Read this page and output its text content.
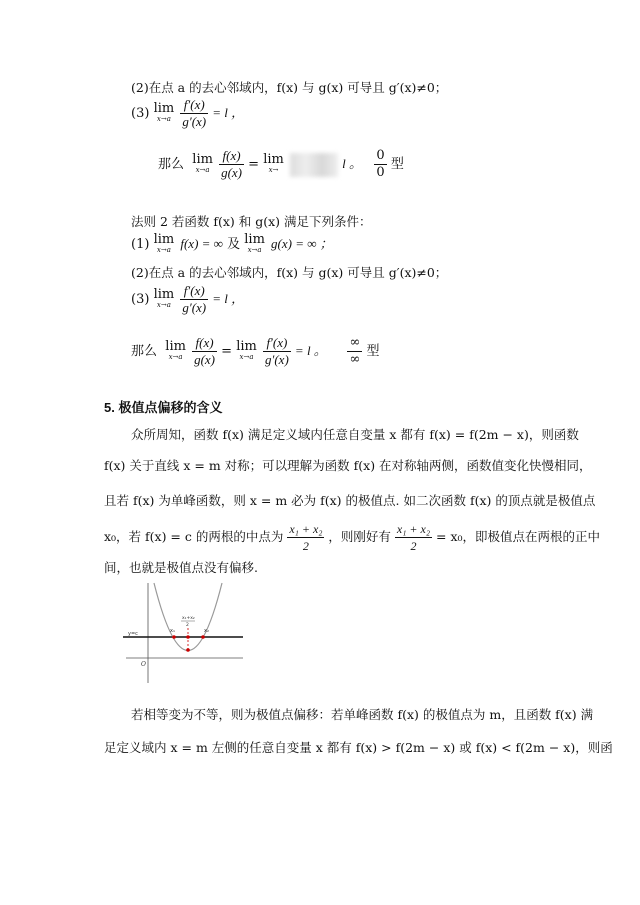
(2)在点 a 的去心邻域内，f(x) 与 g(x) 可导且 g′(x)≠0；
(3) lim
x→a
$\frac{f'(x)}{g'(x)} = l$ ，
那么 lim
x→a
$\frac{f(x)}{g(x)} = \lim$
x→	l 。 $\frac{0}{0}$ 型
法则 2 若函数 f(x) 和 g(x) 满足下列条件：
(1) lim
x→a f(x) = ∞ 及 lim
x→a g(x) = ∞ ；
(2)在点 a 的去心邻域内，f(x) 与 g(x) 可导且 g′(x)≠0；
(3) lim
x→a
$\frac{f'(x)}{g'(x)} = l$ ，
那么 lim
x→a
$\frac{f(x)}{g(x)} = \lim$
x→a
$\frac{f'(x)}{g'(x)} = l$ 。 $\frac{\infty}{\infty}$ 型
5. 极值点偏移的含义
众所周知，函数 f(x) 满足定义域内任意自变量 x 都有 f(x) = f(2m − x)，则函数
f(x) 关于直线 x = m 对称；可以理解为函数 f(x) 在对称轴两侧，函数值变化快慢相同，
且若 f(x) 为单峰函数，则 x = m 必为 f(x) 的极值点. 如二次函数 f(x) 的顶点就是极值点
x₀，若 f(x) = c 的两根的中点为 $\frac{\text{x₁ + x₂}}{2}$ ，则刚好有 $\frac{\text{x₁ + x₂}}{2} = x_0$，即极值点在两根的正中
间，也就是极值点没有偏移.
y=c	x₁	x₂
x₁+x₂
2
O
若相等变为不等，则为极值点偏移：若单峰函数 f(x) 的极值点为 m，且函数 f(x) 满
足定义域内 x = m 左侧的任意自变量 x 都有 f(x) > f(2m − x) 或 f(x) < f(2m − x)，则函
